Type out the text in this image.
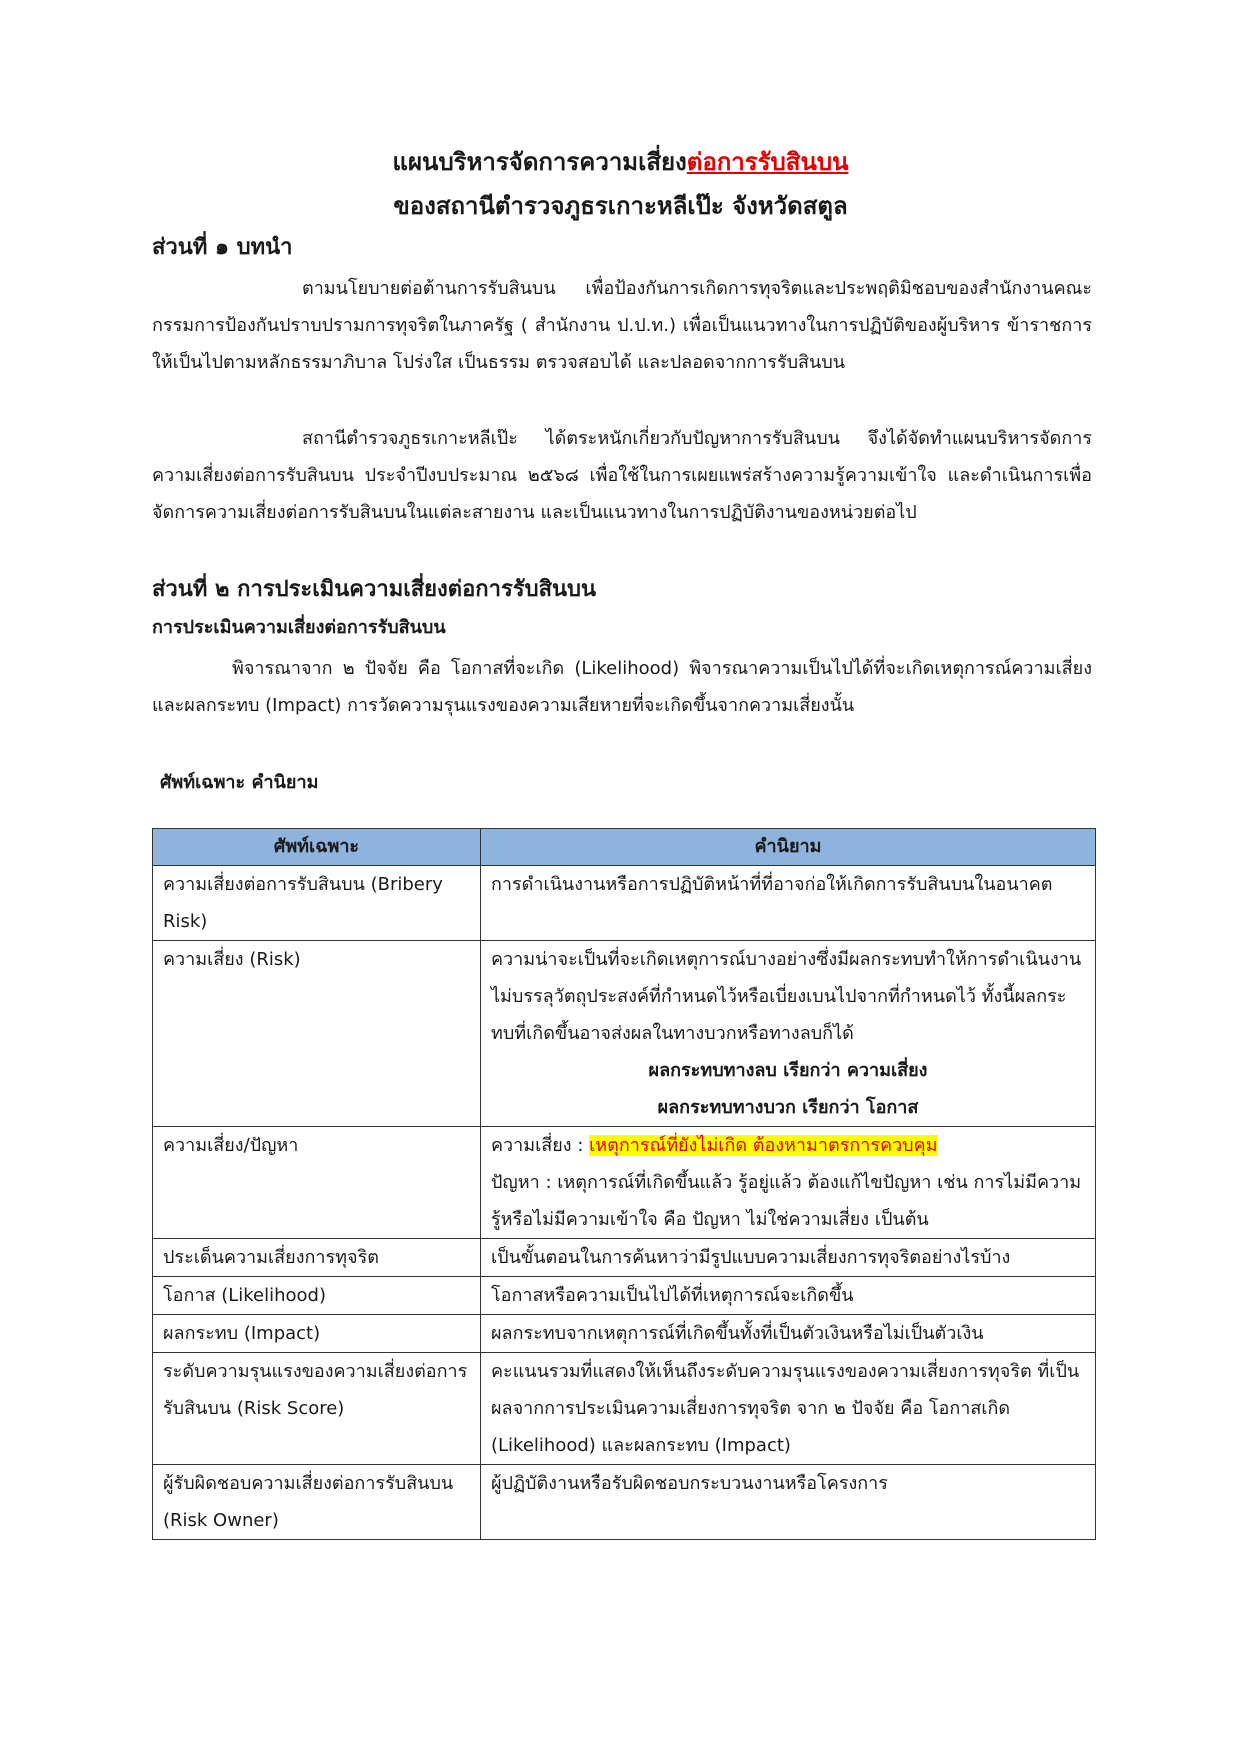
แผนบริหารจัดการความเสี่ยงต่อการรับสินบน
ของสถานีตำรวจภูธรเกาะหลีเป๊ะ จังหวัดสตูล
ส่วนที่ ๑ บทนำ
ตามนโยบายต่อต้านการรับสินบน เพื่อป้องกันการเกิดการทุจริตและประพฤติมิชอบของสำนักงานคณะกรรมการป้องกันปราบปรามการทุจริตในภาครัฐ ( สำนักงาน ป.ป.ท.) เพื่อเป็นแนวทางในการปฏิบัติของผู้บริหาร ข้าราชการ ให้เป็นไปตามหลักธรรมาภิบาล โปร่งใส เป็นธรรม ตรวจสอบได้ และปลอดจากการรับสินบน
สถานีตำรวจภูธรเกาะหลีเป๊ะ ได้ตระหนักเกี่ยวกับปัญหาการรับสินบน จึงได้จัดทำแผนบริหารจัดการความเสี่ยงต่อการรับสินบน ประจำปีงบประมาณ ๒๕๖๘ เพื่อใช้ในการเผยแพร่สร้างความรู้ความเข้าใจ และดำเนินการเพื่อจัดการความเสี่ยงต่อการรับสินบนในแต่ละสายงาน และเป็นแนวทางในการปฏิบัติงานของหน่วยต่อไป
ส่วนที่ ๒ การประเมินความเสี่ยงต่อการรับสินบน
การประเมินความเสี่ยงต่อการรับสินบน
พิจารณาจาก ๒ ปัจจัย คือ โอกาสที่จะเกิด (Likelihood) พิจารณาความเป็นไปได้ที่จะเกิดเหตุการณ์ความเสี่ยงและผลกระทบ (Impact) การวัดความรุนแรงของความเสียหายที่จะเกิดขึ้นจากความเสี่ยงนั้น
ศัพท์เฉพาะ คำนิยาม
ศัพท์เฉพาะ	คำนิยาม
ความเสี่ยงต่อการรับสินบน (Bribery Risk)	การดำเนินงานหรือการปฏิบัติหน้าที่ที่อาจก่อให้เกิดการรับสินบนในอนาคต
ความเสี่ยง (Risk)	ความน่าจะเป็นที่จะเกิดเหตุการณ์บางอย่างซึ่งมีผลกระทบทำให้การดำเนินงาน ไม่บรรลุวัตถุประสงค์ที่กำหนดไว้หรือเบี่ยงเบนไปจากที่กำหนดไว้ ทั้งนี้ผลกระทบที่เกิดขึ้นอาจส่งผลในทางบวกหรือทางลบก็ได้
ผลกระทบทางลบ เรียกว่า ความเสี่ยง
ผลกระทบทางบวก เรียกว่า โอกาส

ความเสี่ยง/ปัญหา	ความเสี่ยง : เหตุการณ์ที่ยังไม่เกิด ต้องหามาตรการควบคุม
ปัญหา : เหตุการณ์ที่เกิดขึ้นแล้ว รู้อยู่แล้ว ต้องแก้ไขปัญหา เช่น การไม่มีความรู้หรือไม่มีความเข้าใจ คือ ปัญหา ไม่ใช่ความเสี่ยง เป็นต้น
ประเด็นความเสี่ยงการทุจริต	เป็นขั้นตอนในการค้นหาว่ามีรูปแบบความเสี่ยงการทุจริตอย่างไรบ้าง
โอกาส (Likelihood)	โอกาสหรือความเป็นไปได้ที่เหตุการณ์จะเกิดขึ้น
ผลกระทบ (Impact)	ผลกระทบจากเหตุการณ์ที่เกิดขึ้นทั้งที่เป็นตัวเงินหรือไม่เป็นตัวเงิน
ระดับความรุนแรงของความเสี่ยงต่อการรับสินบน (Risk Score)	คะแนนรวมที่แสดงให้เห็นถึงระดับความรุนแรงของความเสี่ยงการทุจริต ที่เป็นผลจากการประเมินความเสี่ยงการทุจริต จาก ๒ ปัจจัย คือ โอกาสเกิด (Likelihood) และผลกระทบ (Impact)
ผู้รับผิดชอบความเสี่ยงต่อการรับสินบน (Risk Owner)	ผู้ปฏิบัติงานหรือรับผิดชอบกระบวนงานหรือโครงการ
